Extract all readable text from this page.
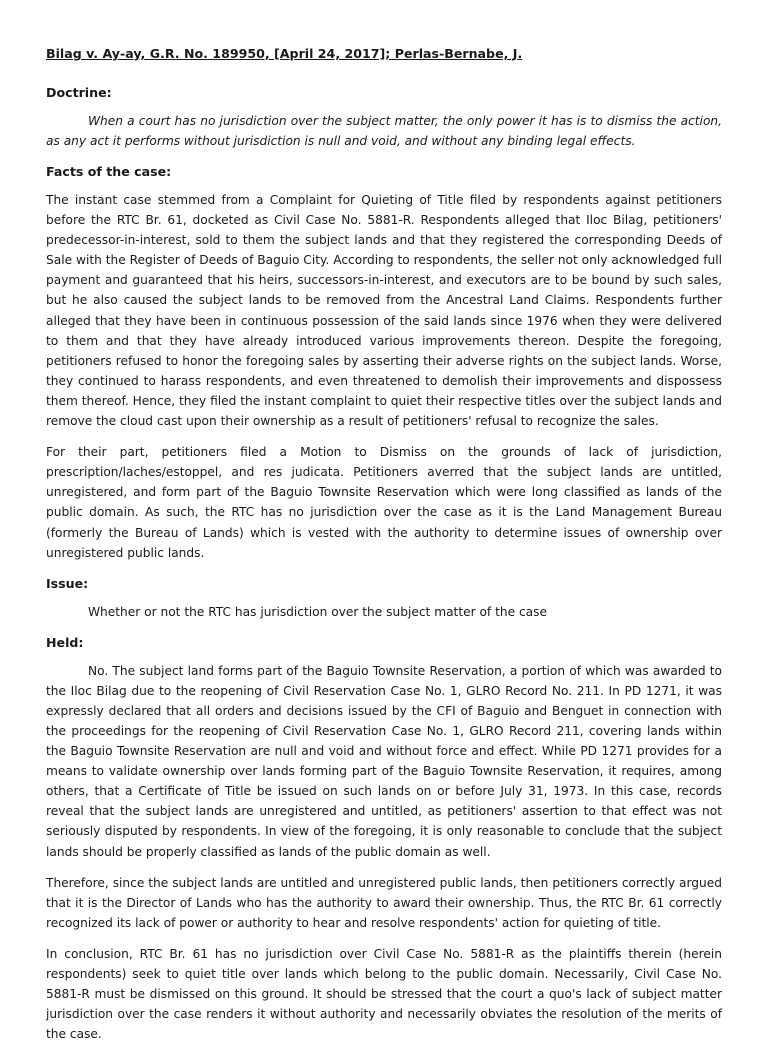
Bilag v. Ay-ay, G.R. No. 189950, [April 24, 2017]; Perlas-Bernabe, J.
Doctrine:
When a court has no jurisdiction over the subject matter, the only power it has is to dismiss the action, as any act it performs without jurisdiction is null and void, and without any binding legal effects.
Facts of the case:
The instant case stemmed from a Complaint for Quieting of Title filed by respondents against petitioners before the RTC Br. 61, docketed as Civil Case No. 5881-R. Respondents alleged that Iloc Bilag, petitioners' predecessor-in-interest, sold to them the subject lands and that they registered the corresponding Deeds of Sale with the Register of Deeds of Baguio City. According to respondents, the seller not only acknowledged full payment and guaranteed that his heirs, successors-in-interest, and executors are to be bound by such sales, but he also caused the subject lands to be removed from the Ancestral Land Claims. Respondents further alleged that they have been in continuous possession of the said lands since 1976 when they were delivered to them and that they have already introduced various improvements thereon. Despite the foregoing, petitioners refused to honor the foregoing sales by asserting their adverse rights on the subject lands. Worse, they continued to harass respondents, and even threatened to demolish their improvements and dispossess them thereof. Hence, they filed the instant complaint to quiet their respective titles over the subject lands and remove the cloud cast upon their ownership as a result of petitioners' refusal to recognize the sales.
For their part, petitioners filed a Motion to Dismiss on the grounds of lack of jurisdiction, prescription/laches/estoppel, and res judicata. Petitioners averred that the subject lands are untitled, unregistered, and form part of the Baguio Townsite Reservation which were long classified as lands of the public domain. As such, the RTC has no jurisdiction over the case as it is the Land Management Bureau (formerly the Bureau of Lands) which is vested with the authority to determine issues of ownership over unregistered public lands.
Issue:
Whether or not the RTC has jurisdiction over the subject matter of the case
Held:
No. The subject land forms part of the Baguio Townsite Reservation, a portion of which was awarded to the Iloc Bilag due to the reopening of Civil Reservation Case No. 1, GLRO Record No. 211. In PD 1271, it was expressly declared that all orders and decisions issued by the CFI of Baguio and Benguet in connection with the proceedings for the reopening of Civil Reservation Case No. 1, GLRO Record 211, covering lands within the Baguio Townsite Reservation are null and void and without force and effect. While PD 1271 provides for a means to validate ownership over lands forming part of the Baguio Townsite Reservation, it requires, among others, that a Certificate of Title be issued on such lands on or before July 31, 1973. In this case, records reveal that the subject lands are unregistered and untitled, as petitioners' assertion to that effect was not seriously disputed by respondents. In view of the foregoing, it is only reasonable to conclude that the subject lands should be properly classified as lands of the public domain as well.
Therefore, since the subject lands are untitled and unregistered public lands, then petitioners correctly argued that it is the Director of Lands who has the authority to award their ownership. Thus, the RTC Br. 61 correctly recognized its lack of power or authority to hear and resolve respondents' action for quieting of title.
In conclusion, RTC Br. 61 has no jurisdiction over Civil Case No. 5881-R as the plaintiffs therein (herein respondents) seek to quiet title over lands which belong to the public domain. Necessarily, Civil Case No. 5881-R must be dismissed on this ground. It should be stressed that the court a quo's lack of subject matter jurisdiction over the case renders it without authority and necessarily obviates the resolution of the merits of the case.
